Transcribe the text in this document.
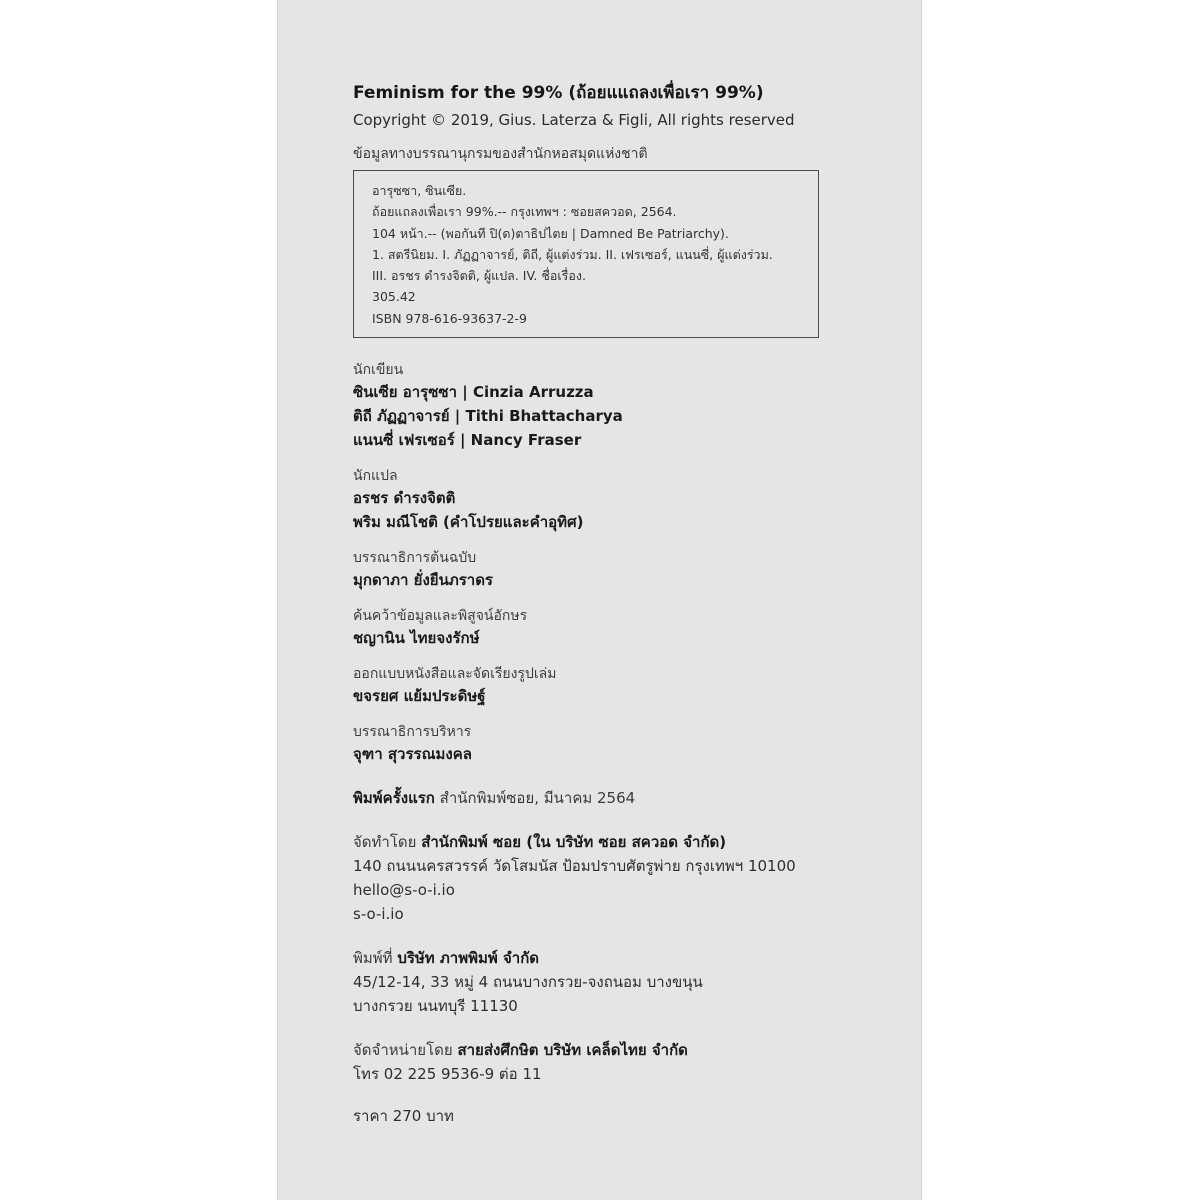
Feminism for the 99% (ถ้อยแแถลงเพื่อเรา 99%)
Copyright © 2019, Gius. Laterza & Figli, All rights reserved
ข้อมูลทางบรรณานุกรมของสำนักหอสมุดแห่งชาติ
อารุซซา, ซินเซีย.
ถ้อยแถลงเพื่อเรา 99%.-- กรุงเทพฯ : ซอยสควอด, 2564.
104 หน้า.-- (พอกันที ปิ(ด)ตาธิปไตย | Damned Be Patriarchy).
1. สตรีนิยม. I. ภัฏฏาจารย์, ติถี, ผู้แต่งร่วม. II. เฟรเซอร์, แนนซี่, ผู้แต่งร่วม.
III. อรชร ดำรงจิตติ, ผู้แปล. IV. ชื่อเรื่อง.
305.42
ISBN 978-616-93637-2-9
นักเขียน
ซินเซีย อารุซซา | Cinzia Arruzza
ติถี ภัฏฏาจารย์ | Tithi Bhattacharya
แนนซี่ เฟรเซอร์ | Nancy Fraser
นักแปล
อรชร ดำรงจิตติ
พริม มณีโชติ (คำโปรยและคำอุทิศ)
บรรณาธิการต้นฉบับ
มุกดาภา ยั่งยืนภราดร
ค้นคว้าข้อมูลและพิสูจน์อักษร
ชญานิน ไทยจงรักษ์
ออกแบบหนังสือและจัดเรียงรูปเล่ม
ขจรยศ แย้มประดิษฐ์
บรรณาธิการบริหาร
จุฑา สุวรรณมงคล
พิมพ์ครั้งแรก สำนักพิมพ์ซอย, มีนาคม 2564
จัดทำโดย สำนักพิมพ์ ซอย (ใน บริษัท ซอย สควอด จำกัด)
140 ถนนนครสวรรค์ วัดโสมนัส ป้อมปราบศัตรูพ่าย กรุงเทพฯ 10100
hello@s-o-i.io
s-o-i.io
พิมพ์ที่ บริษัท ภาพพิมพ์ จำกัด
45/12-14, 33 หมู่ 4 ถนนบางกรวย-จงถนอม บางขนุน
บางกรวย นนทบุรี 11130
จัดจำหน่ายโดย สายส่งศึกษิต บริษัท เคล็ดไทย จำกัด
โทร 02 225 9536-9 ต่อ 11
ราคา 270 บาท
